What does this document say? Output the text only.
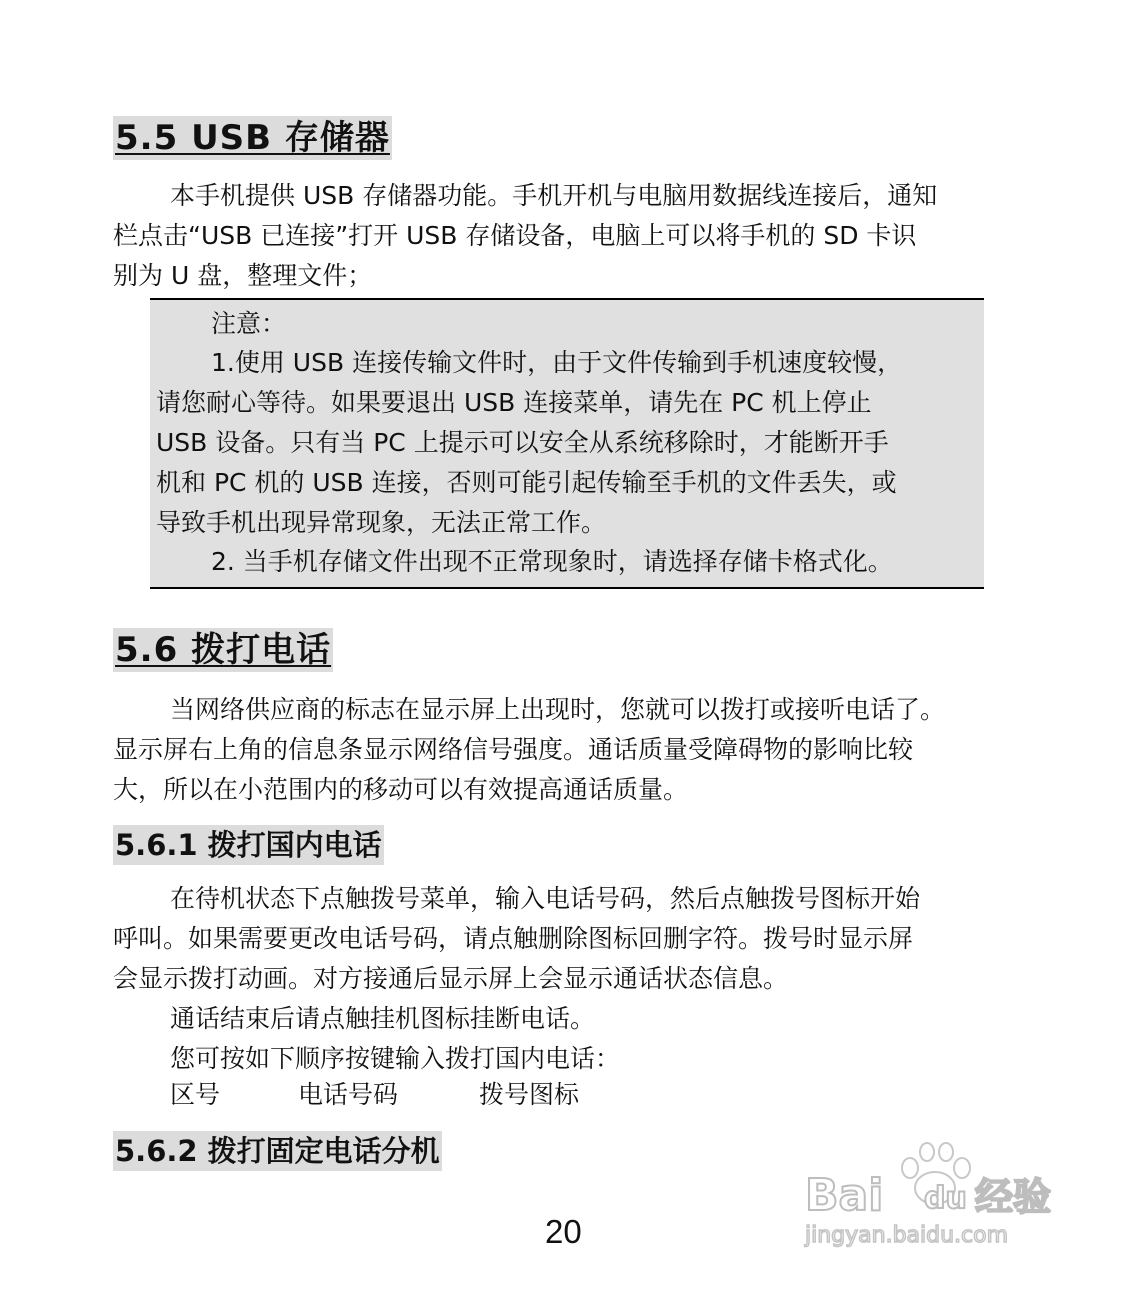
5.5 USB 存储器
本手机提供 USB 存储器功能。手机开机与电脑用数据线连接后，通知
栏点击“USB 已连接”打开 USB 存储设备，电脑上可以将手机的 SD 卡识
别为 U 盘，整理文件；
注意：
1.使用 USB 连接传输文件时，由于文件传输到手机速度较慢，
请您耐心等待。如果要退出 USB 连接菜单，请先在 PC 机上停止
USB 设备。只有当 PC 上提示可以安全从系统移除时，才能断开手
机和 PC 机的 USB 连接，否则可能引起传输至手机的文件丢失，或
导致手机出现异常现象，无法正常工作。
2. 当手机存储文件出现不正常现象时，请选择存储卡格式化。
5.6 拨打电话
当网络供应商的标志在显示屏上出现时，您就可以拨打或接听电话了。
显示屏右上角的信息条显示网络信号强度。通话质量受障碍物的影响比较
大，所以在小范围内的移动可以有效提高通话质量。
5.6.1 拨打国内电话
在待机状态下点触拨号菜单，输入电话号码，然后点触拨号图标开始
呼叫。如果需要更改电话号码，请点触删除图标回删字符。拨号时显示屏
会显示拨打动画。对方接通后显示屏上会显示通话状态信息。
通话结束后请点触挂机图标挂断电话。
您可按如下顺序按键输入拨打国内电话：
区号	电话号码	拨号图标
5.6.2 拨打固定电话分机
20
Bai du 经验
jingyan.baidu.com
